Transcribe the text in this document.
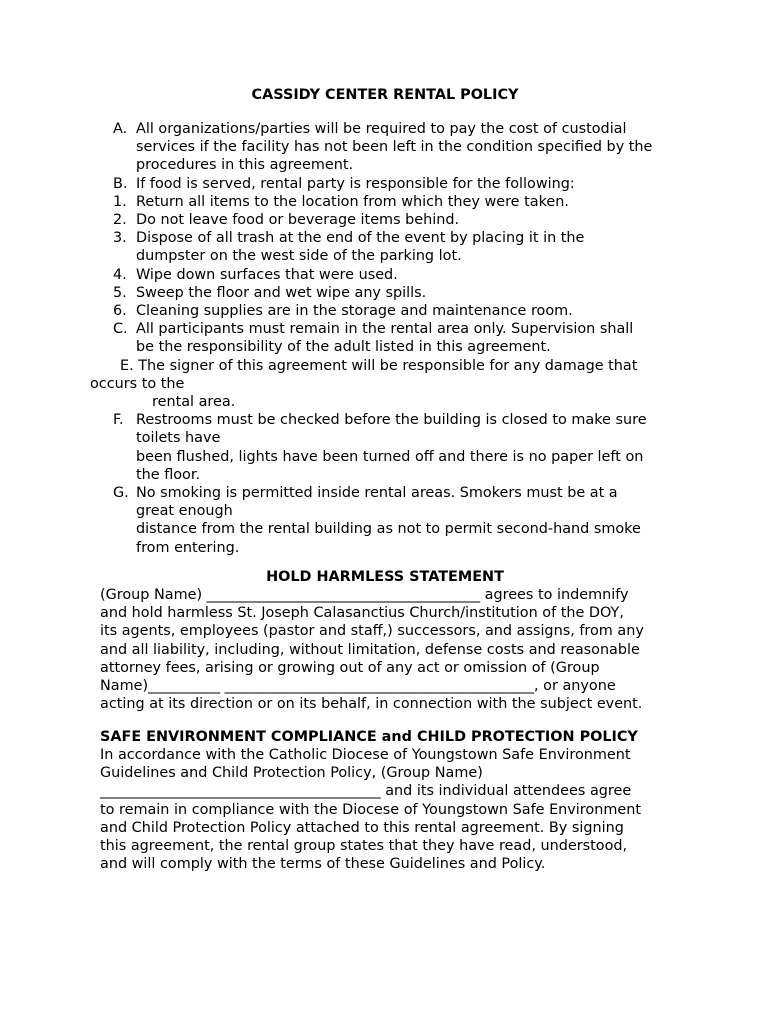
CASSIDY CENTER RENTAL POLICY
A. All organizations/parties will be required to pay the cost of custodial
services if the facility has not been left in the condition specified by the
procedures in this agreement.
B. If food is served, rental party is responsible for the following:
1. Return all items to the location from which they were taken.
2. Do not leave food or beverage items behind.
3. Dispose of all trash at the end of the event by placing it in the
dumpster on the west side of the parking lot.
4. Wipe down surfaces that were used.
5. Sweep the floor and wet wipe any spills.
6. Cleaning supplies are in the storage and maintenance room.
C. All participants must remain in the rental area only. Supervision shall
be the responsibility of the adult listed in this agreement.
E. The signer of this agreement will be responsible for any damage that
occurs to the
rental area.
F. Restrooms must be checked before the building is closed to make sure
toilets have
been flushed, lights have been turned off and there is no paper left on
the floor.
G. No smoking is permitted inside rental areas. Smokers must be at a
great enough
distance from the rental building as not to permit second-hand smoke
from entering.
HOLD HARMLESS STATEMENT
(Group Name) ______________________________________ agrees to indemnify
and hold harmless St. Joseph Calasanctius Church/institution of the DOY,
its agents, employees (pastor and staff,) successors, and assigns, from any
and all liability, including, without limitation, defense costs and reasonable
attorney fees, arising or growing out of any act or omission of (Group
Name)__________ ___________________________________________, or anyone
acting at its direction or on its behalf, in connection with the subject event.
SAFE ENVIRONMENT COMPLIANCE and CHILD PROTECTION POLICY
In accordance with the Catholic Diocese of Youngstown Safe Environment
Guidelines and Child Protection Policy, (Group Name)
_______________________________________ and its individual attendees agree
to remain in compliance with the Diocese of Youngstown Safe Environment
and Child Protection Policy attached to this rental agreement. By signing
this agreement, the rental group states that they have read, understood,
and will comply with the terms of these Guidelines and Policy.
